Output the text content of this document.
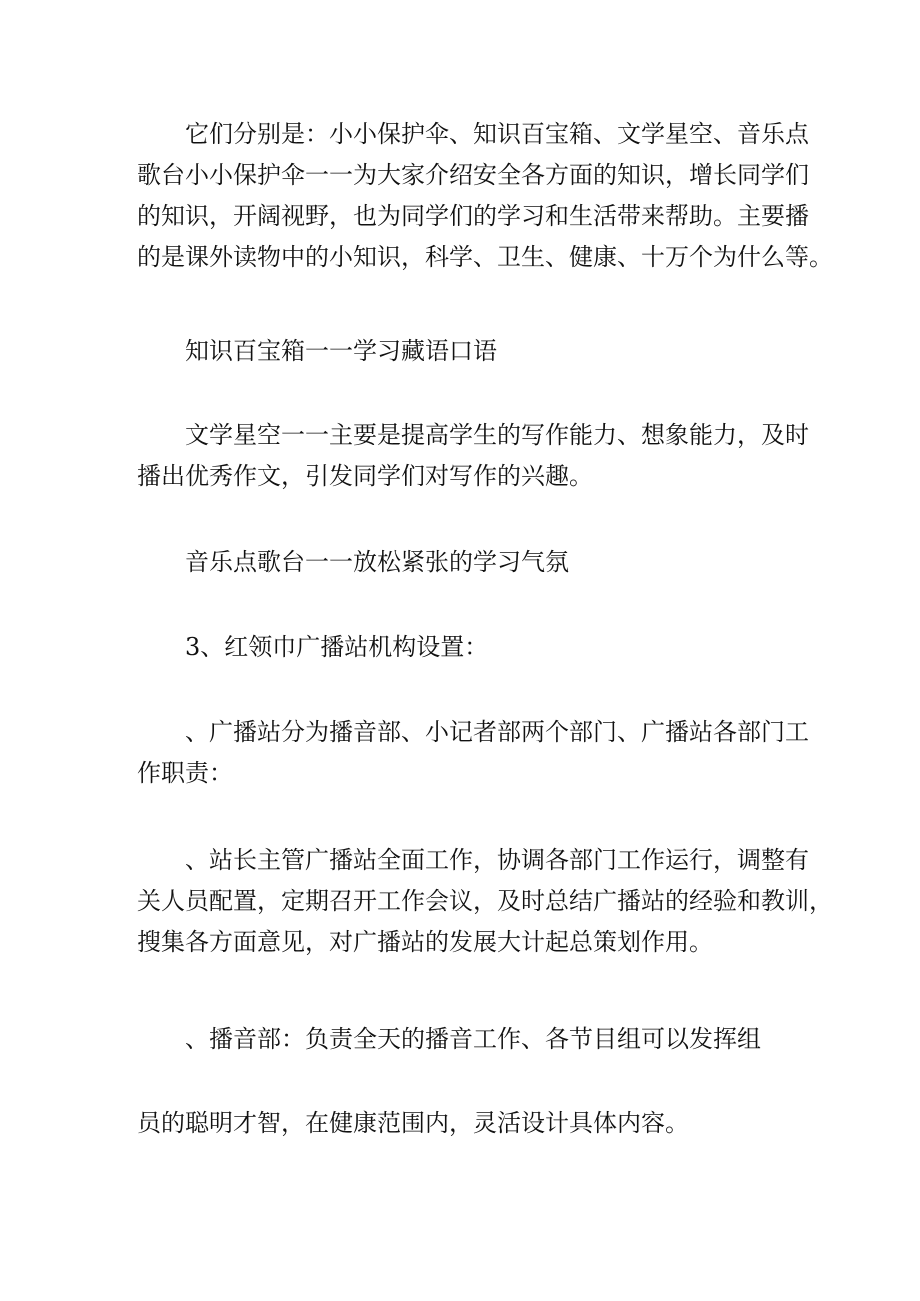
它们分别是：小小保护伞、知识百宝箱、文学星空、音乐点
歌台小小保护伞一一为大家介绍安全各方面的知识，增长同学们
的知识，开阔视野，也为同学们的学习和生活带来帮助。主要播
的是课外读物中的小知识，科学、卫生、健康、十万个为什么等。

知识百宝箱一一学习藏语口语

文学星空一一主要是提高学生的写作能力、想象能力，及时
播出优秀作文，引发同学们对写作的兴趣。

音乐点歌台一一放松紧张的学习气氛

3、红领巾广播站机构设置：

、广播站分为播音部、小记者部两个部门、广播站各部门工
作职责：

、站长主管广播站全面工作，协调各部门工作运行，调整有
关人员配置，定期召开工作会议，及时总结广播站的经验和教训，
搜集各方面意见，对广播站的发展大计起总策划作用。

、播音部：负责全天的播音工作、各节目组可以发挥组

员的聪明才智，在健康范围内，灵活设计具体内容。
